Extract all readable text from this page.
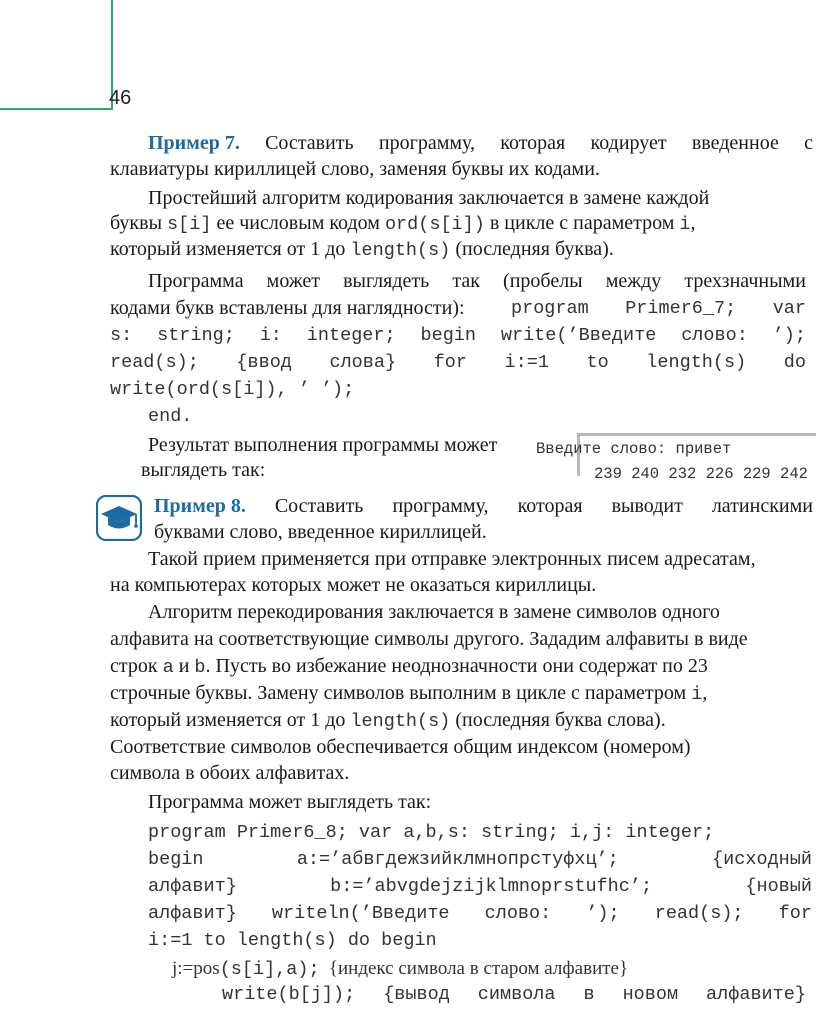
46
Пример 7. Составить программу, которая кодирует введенное с
клавиатуры кириллицей слово, заменяя буквы их кодами.
Простейший алгоритм кодирования заключается в замене каждой
буквы s[i] ее числовым кодом ord(s[i]) в цикле с параметром i,
который изменяется от 1 до length(s) (последняя буква).
Программа может выглядеть так (пробелы между трехзначными
кодами букв вставлены для наглядности):	program Primer6_7; var
s: string; i: integer; begin write(’Введите слово: ’);
read(s); {ввод слова} for i:=1 to length(s) do
write(ord(s[i]), ’ ’);
end.
Результат выполнения программы может
выглядеть так:
Введите слово: привет
239 240 232 226 229 242
Пример 8. Составить программу, которая выводит латинскими
буквами слово, введенное кириллицей.
Такой прием применяется при отправке электронных писем адресатам,
на компьютерах которых может не оказаться кириллицы.
Алгоритм перекодирования заключается в замене символов одного
алфавита на соответствующие символы другого. Зададим алфавиты в виде
строк a и b. Пусть во избежание неоднозначности они содержат по 23
строчные буквы. Замену символов выполним в цикле с параметром i,
который изменяется от 1 до length(s) (последняя буква слова).
Соответствие символов обеспечивается общим индексом (номером)
символа в обоих алфавитах.
Программа может выглядеть так:
program Primer6_8; var a,b,s: string; i,j: integer;
begin	a:=’абвгдежзийклмнопрстуфхц’;	{исходный
алфавит}	b:=’abvgdejzijklmnoprstufhc’;	{новый
алфавит} writeln(’Введите слово: ’); read(s); for
i:=1 to length(s) do begin
j:=pos(s[i],a); {индекс символа в старом алфавите}
write(b[j]); {вывод символа в новом алфавите}
